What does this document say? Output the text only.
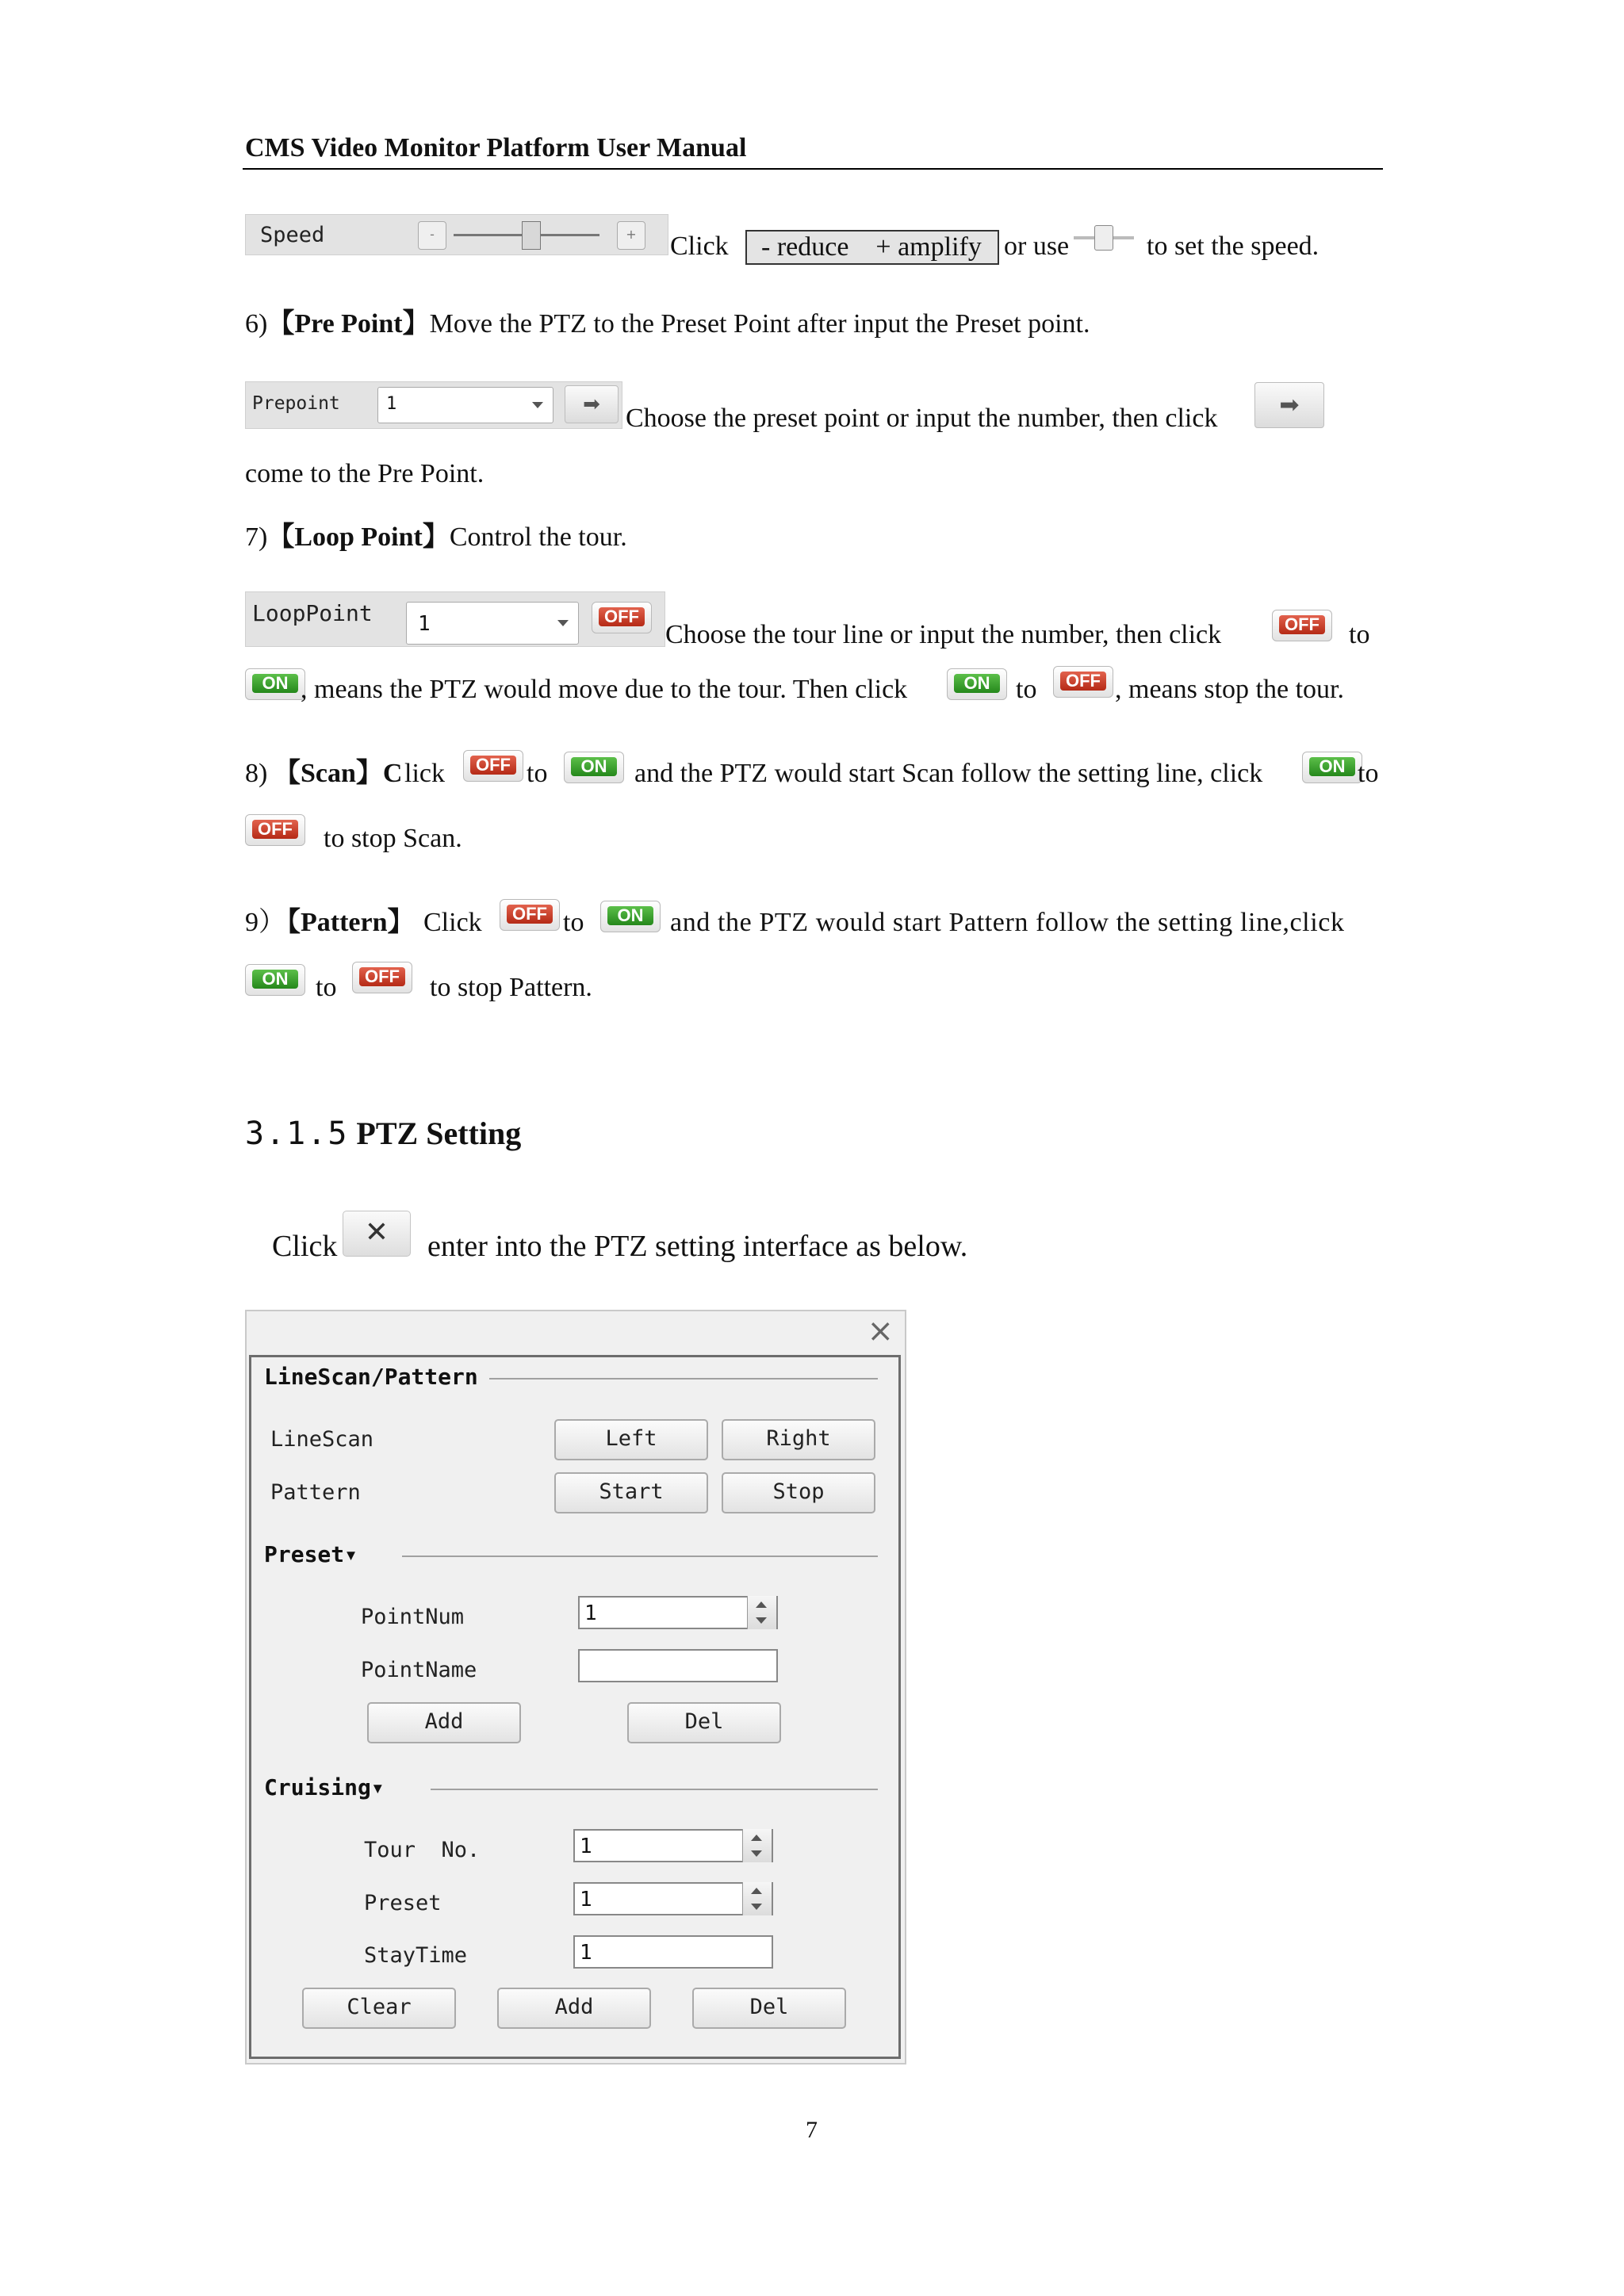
CMS Video Monitor Platform User Manual
Speed	-	+	Click - reduce    + amplify or use	to set the speed.
6)【Pre Point】Move the PTZ to the Preset Point after input the Preset point.
Prepoint	1	➡ Choose the preset point or input the number, then click	➡
come to the Pre Point.
7)【Loop Point】Control the tour.
LoopPoint 1	OFF
Choose the tour line or input the number, then click	OFF to
ON , means the PTZ would move due to the tour. Then click	ON to	OFF , means stop the tour.
8) 【Scan】C lick	OFF to	ON	and the PTZ would start Scan follow the setting line, click	ON to
OFF to stop Scan.
9）
【Pattern】 Click	OFF to	ON and the PTZ would start Pattern follow the setting line,click
ON	to	OFF to stop Pattern.
3.1.5 PTZ Setting
Click ✕	enter into the PTZ setting interface as below.
×
LineScan/Pattern
LineScan	Left	Right
Pattern	Start	Stop
Preset▾
PointNum	1
PointName
Add	Del
Cruising▾
Tour  No.	1
Preset	1
StayTime	1
Clear	Add	Del
7
